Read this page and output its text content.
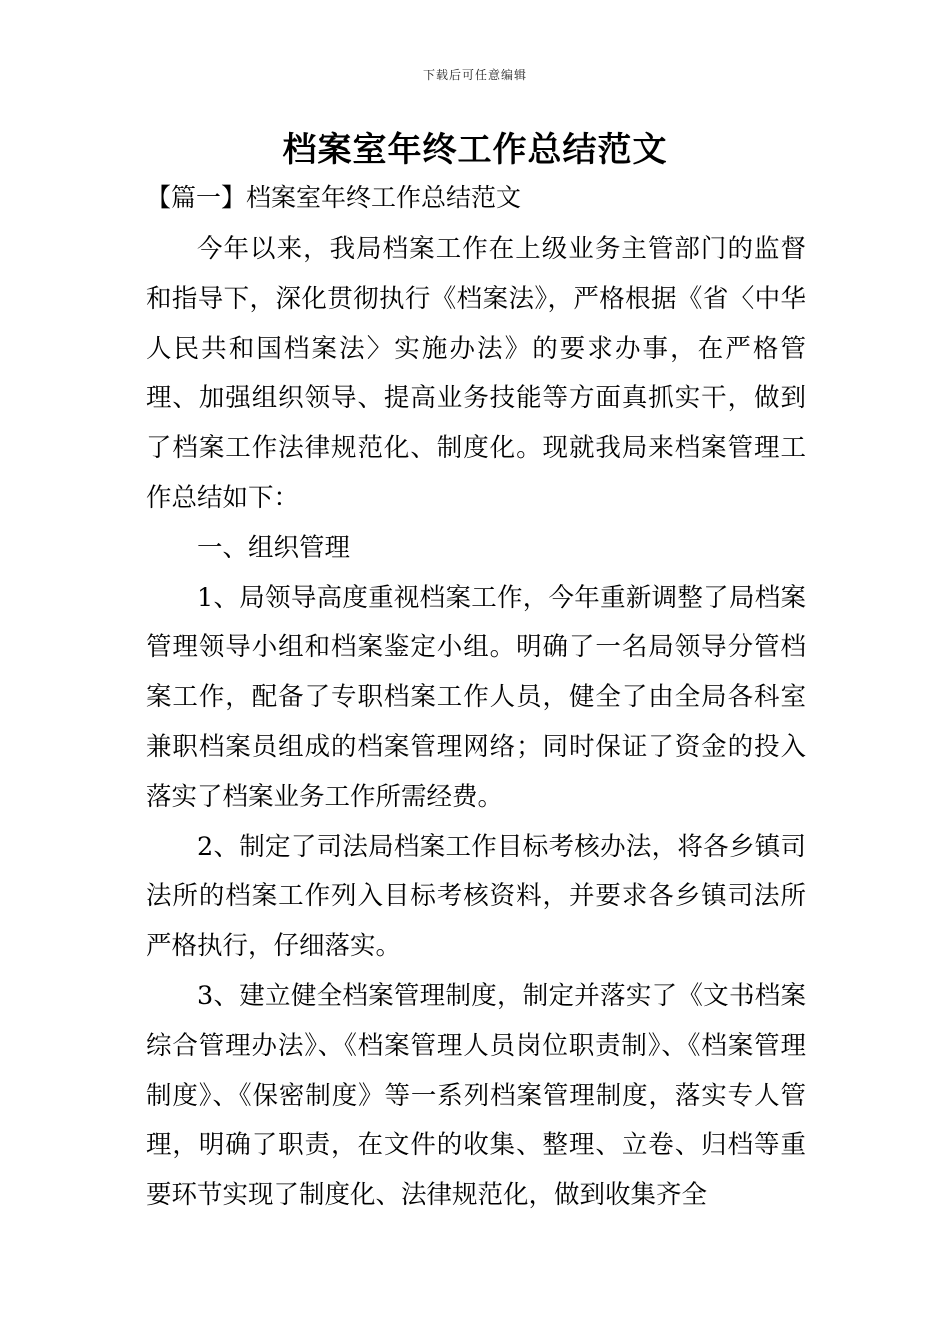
下载后可任意编辑
档案室年终工作总结范文
【篇一】档案室年终工作总结范文

今年以来，我局档案工作在上级业务主管部门的监督和指导下，深化贯彻执行《档案法》，严格根据《省〈中华人民共和国档案法〉实施办法》的要求办事，在严格管理、加强组织领导、提高业务技能等方面真抓实干，做到了档案工作法律规范化、制度化。现就我局来档案管理工作总结如下：

一、组织管理

1、局领导高度重视档案工作，今年重新调整了局档案管理领导小组和档案鉴定小组。明确了一名局领导分管档案工作，配备了专职档案工作人员，健全了由全局各科室兼职档案员组成的档案管理网络；同时保证了资金的投入落实了档案业务工作所需经费。

2、制定了司法局档案工作目标考核办法，将各乡镇司法所的档案工作列入目标考核资料，并要求各乡镇司法所严格执行，仔细落实。

3、建立健全档案管理制度，制定并落实了《文书档案综合管理办法》、《档案管理人员岗位职责制》、《档案管理制度》、《保密制度》等一系列档案管理制度，落实专人管理，明确了职责，在文件的收集、整理、立卷、归档等重要环节实现了制度化、法律规范化，做到收集齐全
